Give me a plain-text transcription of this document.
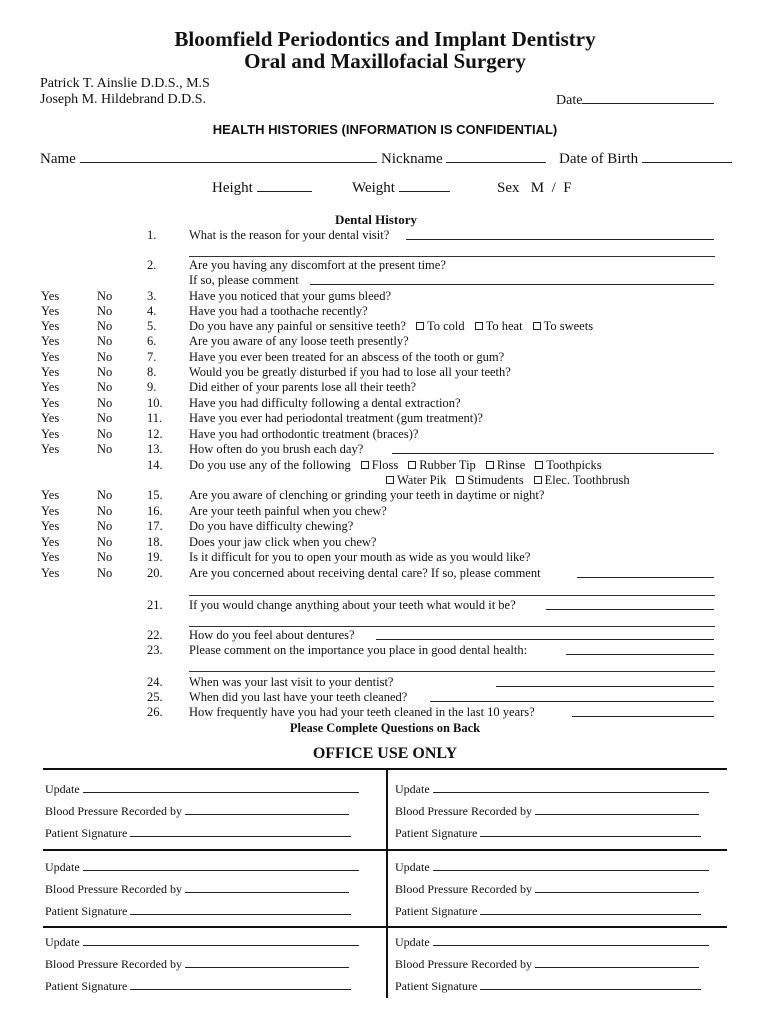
Bloomfield Periodontics and Implant Dentistry
Oral and Maxillofacial Surgery
Patrick T. Ainslie D.D.S., M.S
Joseph M. Hildebrand D.D.S.	Date
HEALTH HISTORIES (INFORMATION IS CONFIDENTIAL)
Name	Nickname	Date of Birth
Height	Weight	Sex M / F
Dental History
1.	What is the reason for your dental visit?
2.	Are you having any discomfort at the present time?
If so, please comment
Yes	No	3.	Have you noticed that your gums bleed?
Yes	No	4.	Have you had a toothache recently?
Yes	No	5.	Do you have any painful or sensitive teeth? To cold To heat To sweets
Yes	No	6.	Are you aware of any loose teeth presently?
Yes	No	7.	Have you ever been treated for an abscess of the tooth or gum?
Yes	No	8.	Would you be greatly disturbed if you had to lose all your teeth?
Yes	No	9.	Did either of your parents lose all their teeth?
Yes	No	10.	Have you had difficulty following a dental extraction?
Yes	No	11.	Have you ever had periodontal treatment (gum treatment)?
Yes	No	12.	Have you had orthodontic treatment (braces)?
Yes	No	13.	How often do you brush each day?
14.	Do you use any of the following Floss Rubber Tip Rinse Toothpicks
Water Pik Stimudents Elec. Toothbrush
Yes	No	15.	Are you aware of clenching or grinding your teeth in daytime or night?
Yes	No	16.	Are your teeth painful when you chew?
Yes	No	17.	Do you have difficulty chewing?
Yes	No	18.	Does your jaw click when you chew?
Yes	No	19.	Is it difficult for you to open your mouth as wide as you would like?
Yes	No	20.	Are you concerned about receiving dental care? If so, please comment
21.	If you would change anything about your teeth what would it be?
22.	How do you feel about dentures?
23.	Please comment on the importance you place in good dental health:
24.	When was your last visit to your dentist?
25.	When did you last have your teeth cleaned?
26.	How frequently have you had your teeth cleaned in the last 10 years?
Please Complete Questions on Back
OFFICE USE ONLY
Update
Blood Pressure Recorded by
Patient Signature
Update
Blood Pressure Recorded by
Patient Signature
Update
Blood Pressure Recorded by
Patient Signature
Update
Blood Pressure Recorded by
Patient Signature
Update
Blood Pressure Recorded by
Patient Signature
Update
Blood Pressure Recorded by
Patient Signature
